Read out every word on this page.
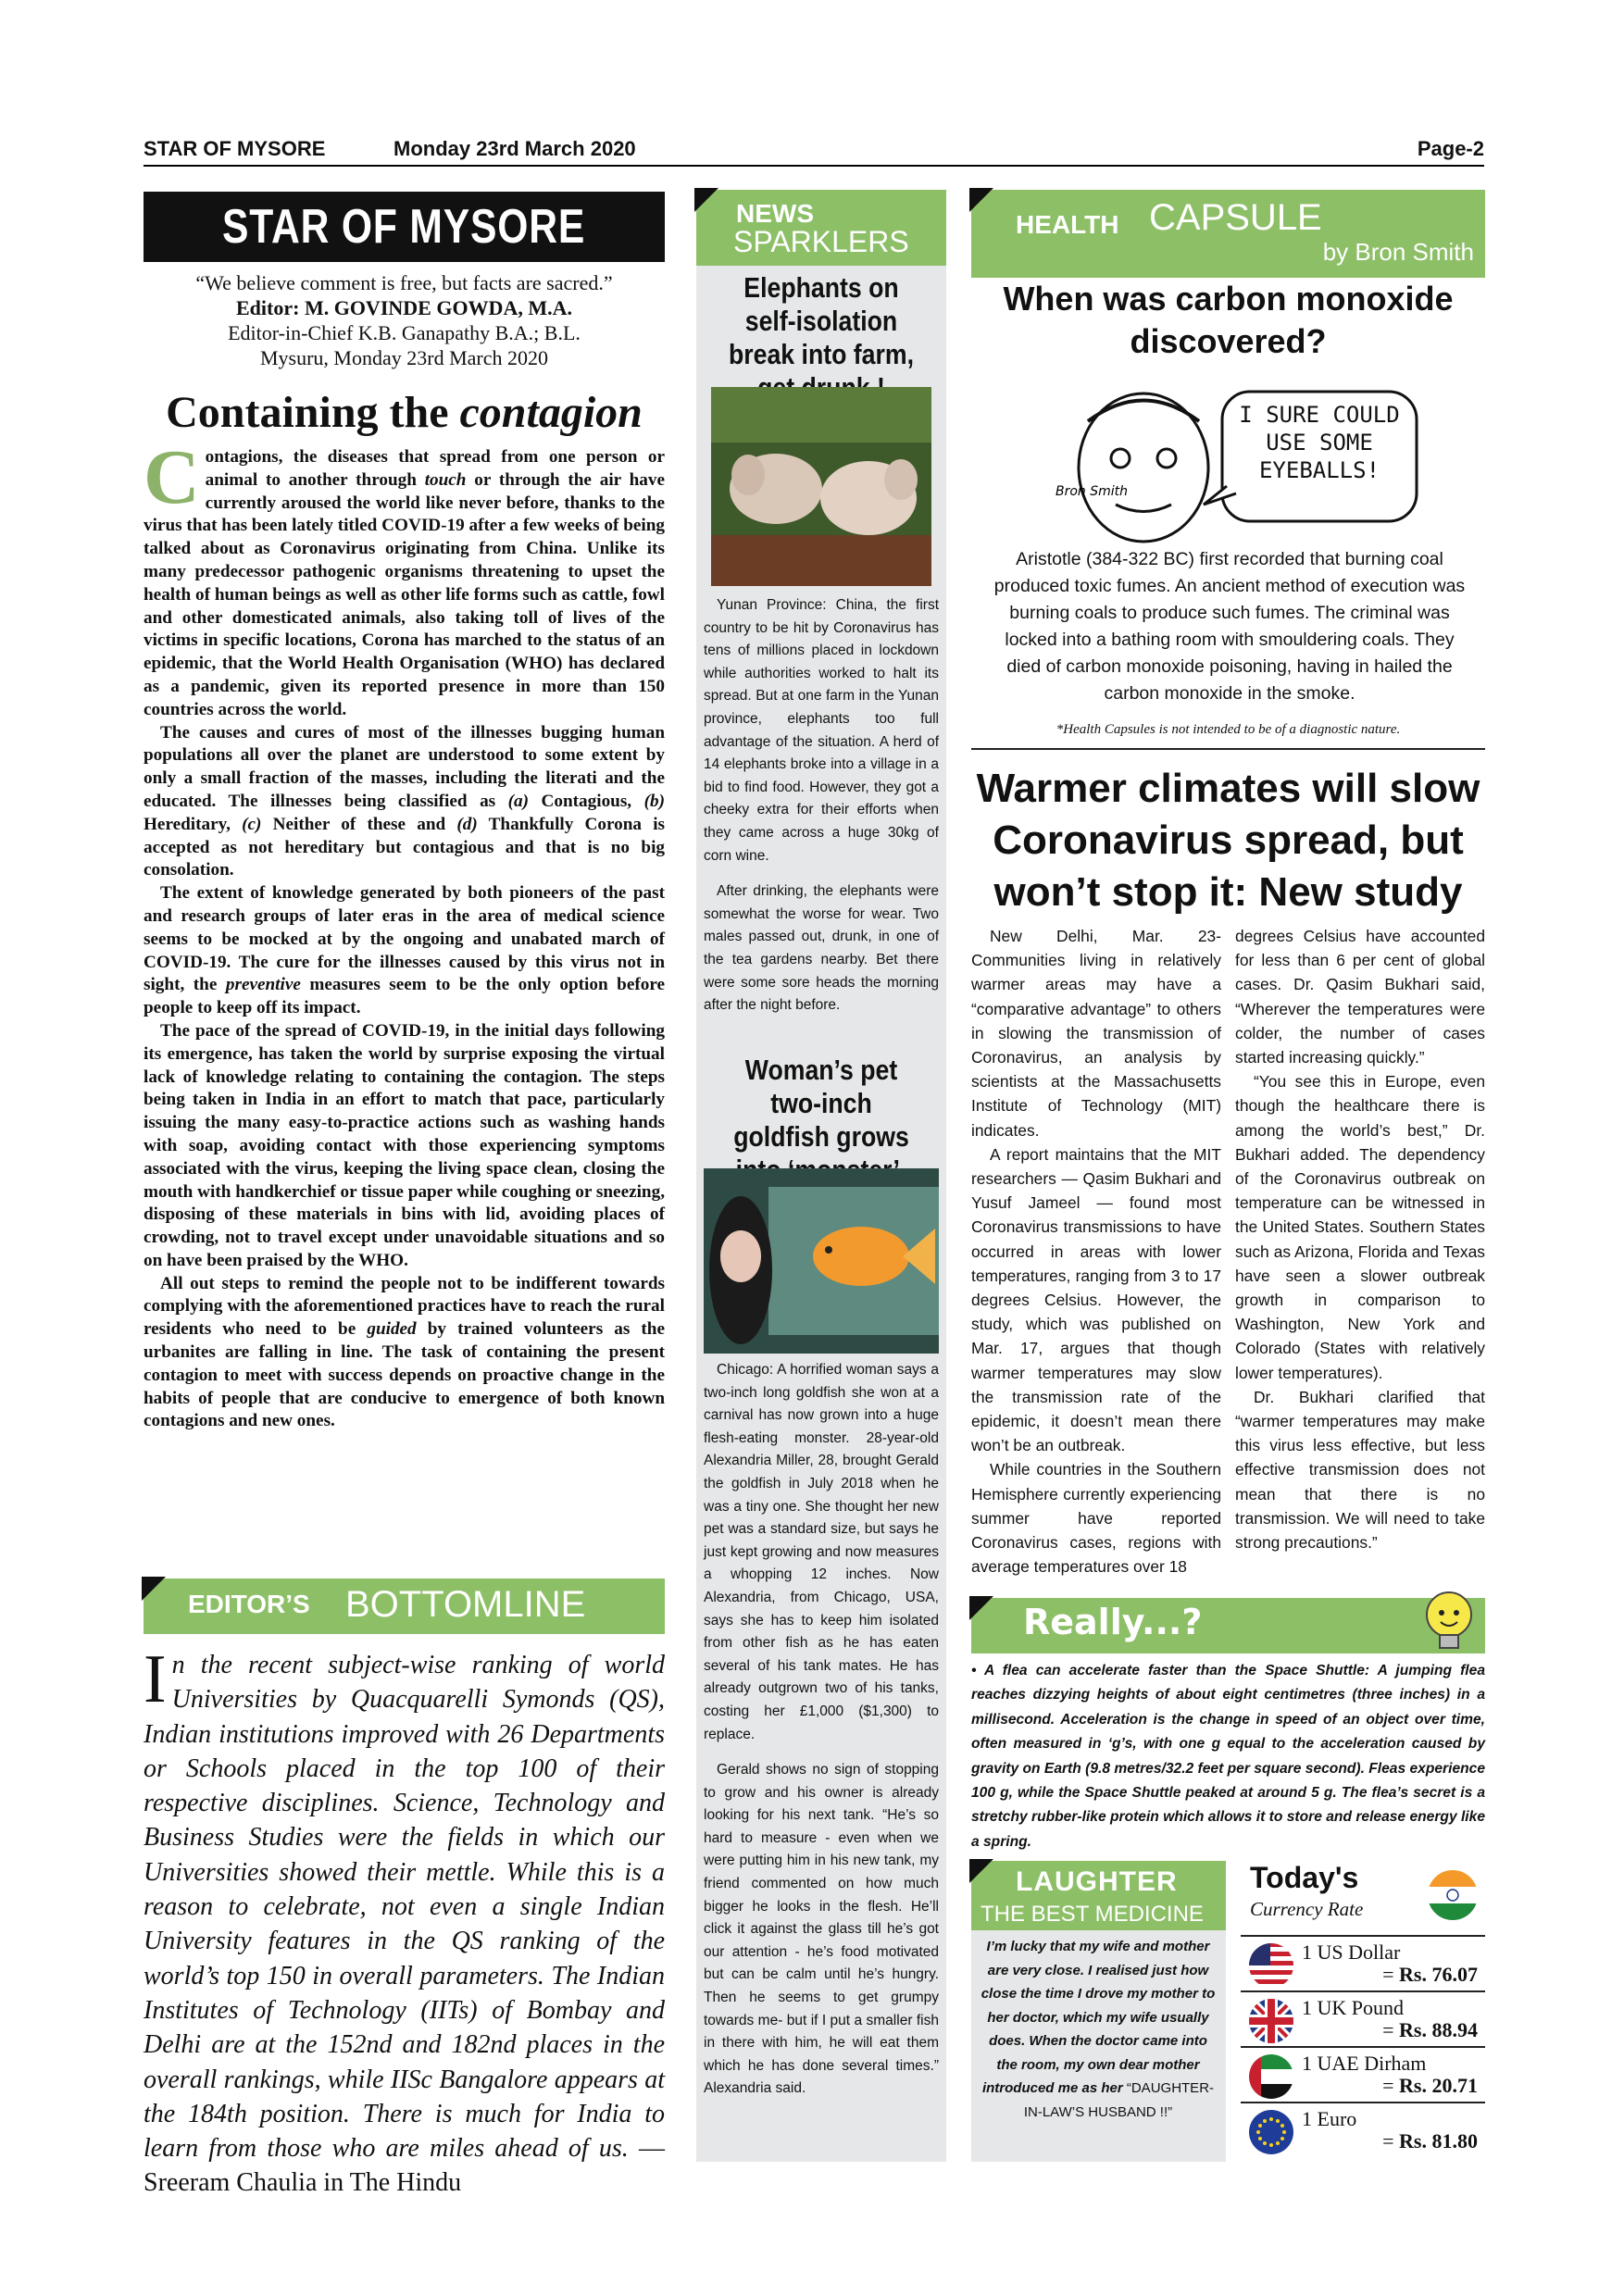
STAR OF MYSORE	Monday 23rd March 2020	Page-2
STAR OF MYSORE
“We believe comment is free, but facts are sacred.”
Editor: M. GOVINDE GOWDA, M.A.
Editor-in-Chief K.B. Ganapathy B.A.; B.L.
Mysuru, Monday 23rd March 2020
Containing the contagion

Contagions, the diseases that spread from one person or animal to another through touch or through the air have currently aroused the world like never before, thanks to the virus that has been lately titled COVID-19 after a few weeks of being talked about as Coronavirus originating from China. Unlike its many predecessor pathogenic organisms threatening to upset the health of human beings as well as other life forms such as cattle, fowl and other domesticated animals, also taking toll of lives of the victims in specific locations, Corona has marched to the status of an epidemic, that the World Health Organisation (WHO) has declared as a pandemic, given its reported presence in more than 150 countries across the world.

The causes and cures of most of the illnesses bugging human populations all over the planet are understood to some extent by only a small fraction of the masses, including the literati and the educated. The illnesses being classified as (a) Contagious, (b) Hereditary, (c) Neither of these and (d) Thankfully Corona is accepted as not hereditary but contagious and that is no big consolation.

The extent of knowledge generated by both pioneers of the past and research groups of later eras in the area of medical science seems to be mocked at by the ongoing and unabated march of COVID-19. The cure for the illnesses caused by this virus not in sight, the preventive measures seem to be the only option before people to keep off its impact.

The pace of the spread of COVID-19, in the initial days following its emergence, has taken the world by surprise exposing the virtual lack of knowledge relating to containing the contagion. The steps being taken in India in an effort to match that pace, particularly issuing the many easy-to-practice actions such as washing hands with soap, avoiding contact with those experiencing symptoms associated with the virus, keeping the living space clean, closing the mouth with handkerchief or tissue paper while coughing or sneezing, disposing of these materials in bins with lid, avoiding places of crowding, not to travel except under unavoidable situations and so on have been praised by the WHO.

All out steps to remind the people not to be indifferent towards complying with the aforementioned practices have to reach the rural residents who need to be guided by trained volunteers as the urbanites are falling in line. The task of containing the present contagion to meet with success depends on proactive change in the habits of people that are conducive to emergence of both known contagions and new ones.

EDITOR’S BOTTOMLINE
In the recent subject-wise ranking of world Universities by Quacquarelli Symonds (QS), Indian institutions improved with 26 Departments or Schools placed in the top 100 of their respective disciplines. Science, Technology and Business Studies were the fields in which our Universities showed their mettle. While this is a reason to celebrate, not even a single Indian University features in the QS ranking of the world’s top 150 in overall parameters. The Indian Institutes of Technology (IITs) of Bombay and Delhi are at the 152nd and 182nd places in the overall rankings, while IISc Bangalore appears at the 184th position. There is much for India to learn from those who are miles ahead of us. — Sreeram Chaulia in The Hindu
NEWS
SPARKLERS
Elephants on self-isolation break into farm,

Yunan Province: China, the first country to be hit by Coronavirus has tens of millions placed in lockdown while authorities worked to halt its spread. But at one farm in the Yunan province, elephants too full advantage of the situation. A herd of 14 elephants broke into a village in a bid to find food. However, they got a cheeky extra for their efforts when they came across a huge 30kg of corn wine.

After drinking, the elephants were somewhat the worse for wear. Two males passed out, drunk, in one of the tea gardens nearby. Bet there were some sore heads the morning after the night before.

Woman’s pet two-inch goldfish grows

Chicago: A horrified woman says a two-inch long goldfish she won at a carnival has now grown into a huge flesh-eating monster. 28-year-old Alexandria Miller, 28, brought Gerald the goldfish in July 2018 when he was a tiny one. She thought her new pet was a standard size, but says he just kept growing and now measures a whopping 12 inches. Now Alexandria, from Chicago, USA, says she has to keep him isolated from other fish as he has eaten several of his tank mates. He has already outgrown two of his tanks, costing her £1,000 ($1,300) to replace.

Gerald shows no sign of stopping to grow and his owner is already looking for his next tank. “He’s so hard to measure - even when we were putting him in his new tank, my friend commented on how much bigger he looks in the flesh. He’ll click it against the glass till he’s got our attention - he’s food motivated but can be calm until he’s hungry. Then he seems to get grumpy towards me- but if I put a smaller fish in there with him, he will eat them which he has done several times.” Alexandria said.

HEALTH CAPSULE
by Bron Smith
When was carbon monoxide discovered?
Bron Smith
I SURE COULD USE SOME EYEBALLS!
Aristotle (384-322 BC) first recorded that burning coal produced toxic fumes. An ancient method of execution was burning coals to produce such fumes. The criminal was locked into a bathing room with smouldering coals. They died of carbon monoxide poisoning, having in hailed the carbon monoxide in the smoke.
*Health Capsules is not intended to be of a diagnostic nature.
Warmer climates will slow Coronavirus spread, but won’t stop it: New study

New Delhi, Mar. 23- Communities living in relatively warmer areas may have a “comparative advantage” to others in slowing the transmission of Coronavirus, an analysis by scientists at the Massachusetts Institute of Technology (MIT) indicates.

A report maintains that the MIT researchers — Qasim Bukhari and Yusuf Jameel — found most Coronavirus transmissions to have occurred in areas with lower temperatures, ranging from 3 to 17 degrees Celsius. However, the study, which was published on Mar. 17, argues that though warmer temperatures may slow the transmission rate of the epidemic, it doesn’t mean there won’t be an outbreak.

While countries in the Southern Hemisphere currently experiencing summer have reported Coronavirus cases, regions with average temperatures over 18

degrees Celsius have accounted for less than 6 per cent of global cases. Dr. Qasim Bukhari said, “Wherever the temperatures were colder, the number of cases started increasing quickly.”

“You see this in Europe, even though the healthcare there is among the world’s best,” Dr. Bukhari added. The dependency of the Coronavirus outbreak on temperature can be witnessed in the United States. Southern States such as Arizona, Florida and Texas have seen a slower outbreak growth in comparison to Washington, New York and Colorado (States with relatively lower temperatures).

Dr. Bukhari clarified that “warmer temperatures may make this virus less effective, but less effective transmission does not mean that there is no transmission. We will need to take strong precautions.”

Really...?
• A flea can accelerate faster than the Space Shuttle: A jumping flea reaches dizzying heights of about eight centimetres (three inches) in a millisecond. Acceleration is the change in speed of an object over time, often measured in ‘g’s, with one g equal to the acceleration caused by gravity on Earth (9.8 metres/32.2 feet per square second). Fleas experience 100 g, while the Space Shuttle peaked at around 5 g. The flea’s secret is a stretchy rubber-like protein which allows it to store and release energy like a spring.
LAUGHTER
THE BEST MEDICINE
I’m lucky that my wife and mother are very close. I realised just how close the time I drove my mother to her doctor, which my wife usually does. When the doctor came into the room, my own dear mother introduced me as her “DAUGHTER-IN-LAW’S HUSBAND !!”
Today's
Currency Rate
1 US Dollar
= Rs. 76.07
1 UK Pound
= Rs. 88.94
1 UAE Dirham
= Rs. 20.71
1 Euro
= Rs. 81.80
